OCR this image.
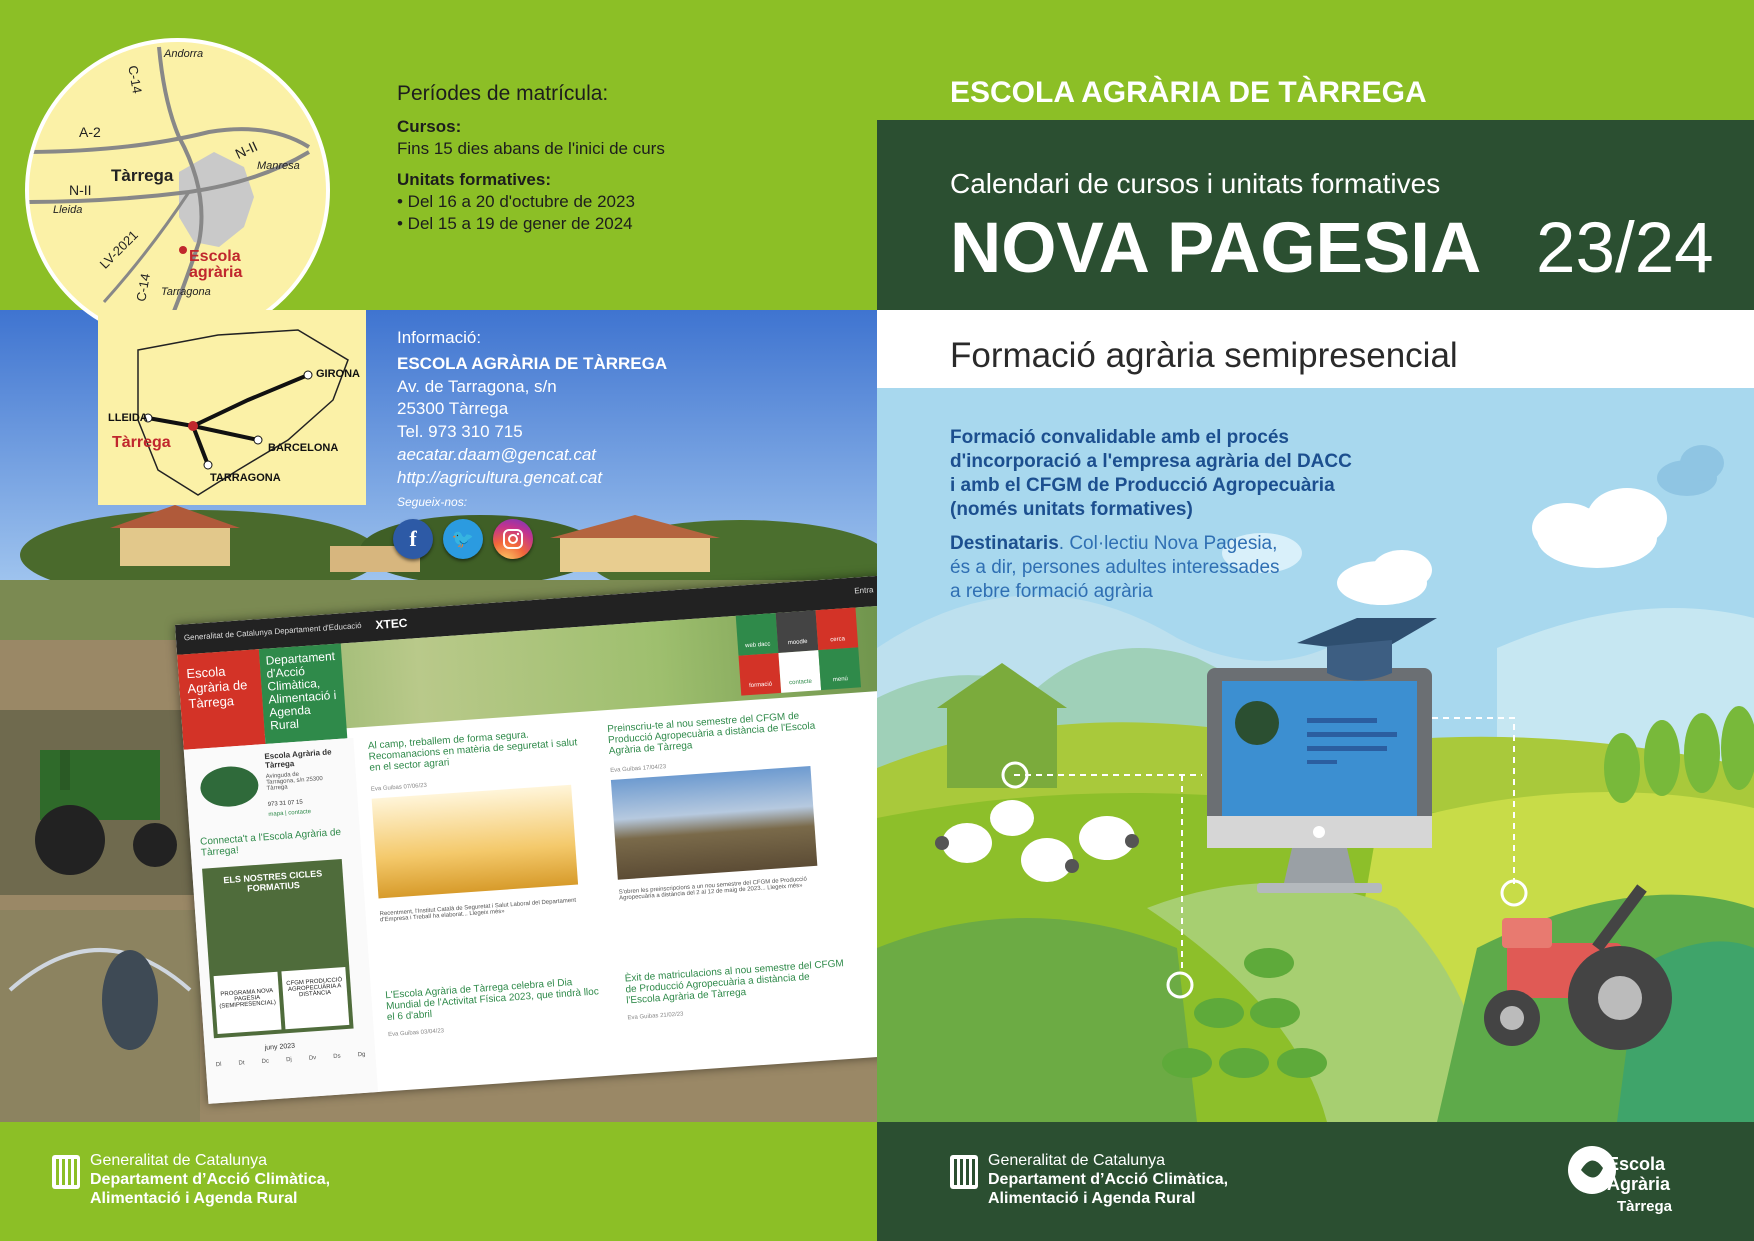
Generalitat de Catalunya Departament d'Educació XTEC
Entra
Escola Agrària de Tàrrega
Departament d'Acció Climàtica, Alimentació i Agenda Rural
web dacc	moodle	cerca
formació	contacte	menú
Escola Agrària de Tàrrega
Avinguda de Tarragona, s/n 25300 Tàrrega
973 31 07 15
mapa | contacte
Connecta't a l'Escola Agrària de Tàrrega!
ELS NOSTRES CICLES FORMATIUS
PROGRAMA NOVA PAGESIA (SEMIPRESENCIAL)
CFGM PRODUCCIÓ AGROPECUÀRIA A DISTÀNCIA
juny 2023
Dl	Dt	Dc	Dj	Dv	Ds	Dg
Al camp, treballem de forma segura. Recomanacions en matèria de seguretat i salut en el sector agrari
Eva Guibas 07/06/23
Recentment, l'Institut Català de Seguretat i Salut Laboral del Departament d'Empresa i Treball ha elaborat... Llegeix més»
Preinscriu-te al nou semestre del CFGM de Producció Agropecuària a distància de l'Escola Agrària de Tàrrega
Eva Guibas 17/04/23
S'obren les preinscripcions a un nou semestre del CFGM de Producció Agropecuària a distància del 2 al 12 de maig de 2023... Llegeix més»
L'Escola Agrària de Tàrrega celebra el Dia Mundial de l'Activitat Física 2023, que tindrà lloc el 6 d'abril
Eva Guibas 03/04/23
Èxit de matriculacions al nou semestre del CFGM de Producció Agropecuària a distància de l'Escola Agrària de Tàrrega
Eva Guibas 21/02/23
Andorra
C-14
A-2
N-II
Manresa
Tàrrega
N-II
Lleida
LV-2021	Escola
agrària
C-14 Tarragona
GIRONA
LLEIDA
Tàrrega	BARCELONA
TARRAGONA
Períodes de matrícula:
Cursos:
Fins 15 dies abans de l'inici de curs
Unitats formatives:
• Del 16 a 20 d'octubre de 2023
• Del 15 a 19 de gener de 2024
Informació:
ESCOLA AGRÀRIA DE TÀRREGA
Av. de Tarragona, s/n
25300 Tàrrega
Tel. 973 310 715
aecatar.daam@gencat.cat
http://agricultura.gencat.cat
Segueix-nos:
f	🐦
Generalitat de Catalunya
Departament d’Acció Climàtica,
Alimentació i Agenda Rural
ESCOLA AGRÀRIA DE TÀRREGA
Calendari de cursos i unitats formatives
NOVA PAGESIA 23/24
Formació agrària semipresencial
Formació convalidable amb el procés
d'incorporació a l'empresa agrària del DACC
i amb el CFGM de Producció Agropecuària
(només unitats formatives)
Destinataris. Col·lectiu Nova Pagesia,
és a dir, persones adultes interessades
a rebre formació agrària
Generalitat de Catalunya
Departament d’Acció Climàtica,
Alimentació i Agenda Rural
Escola
Agrària
Tàrrega
